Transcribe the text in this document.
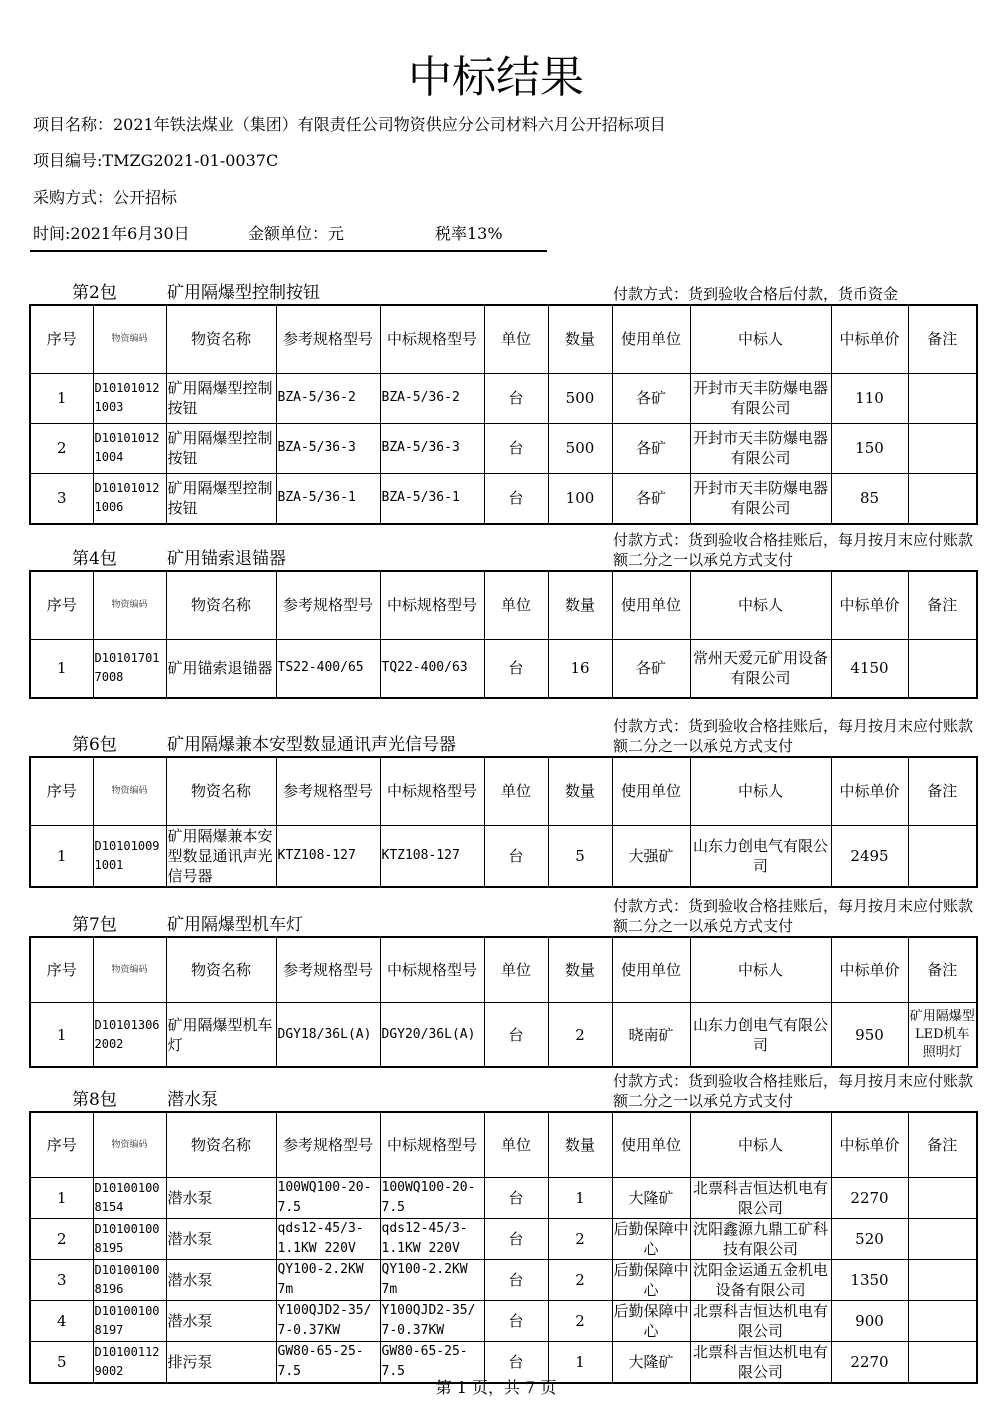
中标结果
项目名称：2021年铁法煤业（集团）有限责任公司物资供应分公司材料六月公开招标项目
项目编号:TMZG2021-01-0037C
采购方式：公开招标
时间:2021年6月30日	金额单位：元	税率13%
第2包	矿用隔爆型控制按钮	付款方式：货到验收合格后付款，货币资金
序号	物资编码	物资名称	参考规格型号	中标规格型号	单位	数量	使用单位	中标人	中标单价	备注
1	D101010121003	矿用隔爆型控制按钮	BZA-5/36-2	BZA-5/36-2	台	500	各矿	开封市天丰防爆电器有限公司	110	
2	D101010121004	矿用隔爆型控制按钮	BZA-5/36-3	BZA-5/36-3	台	500	各矿	开封市天丰防爆电器有限公司	150	
3	D101010121006	矿用隔爆型控制按钮	BZA-5/36-1	BZA-5/36-1	台	100	各矿	开封市天丰防爆电器有限公司	85	
第4包	矿用锚索退锚器
付款方式：货到验收合格挂账后，每月按月末应付账款额二分之一以承兑方式支付
序号	物资编码	物资名称	参考规格型号	中标规格型号	单位	数量	使用单位	中标人	中标单价	备注
1	D101017017008	矿用锚索退锚器	TS22-400/65	TQ22-400/63	台	16	各矿	常州天爱元矿用设备有限公司	4150	
第6包	矿用隔爆兼本安型数显通讯声光信号器
付款方式：货到验收合格挂账后，每月按月末应付账款额二分之一以承兑方式支付
序号	物资编码	物资名称	参考规格型号	中标规格型号	单位	数量	使用单位	中标人	中标单价	备注
1	D101010091001	矿用隔爆兼本安型数显通讯声光信号器	KTZ108-127	KTZ108-127	台	5	大强矿	山东力创电气有限公司	2495	
第7包	矿用隔爆型机车灯
付款方式：货到验收合格挂账后，每月按月末应付账款额二分之一以承兑方式支付
序号	物资编码	物资名称	参考规格型号	中标规格型号	单位	数量	使用单位	中标人	中标单价	备注
1	D101013062002	矿用隔爆型机车灯	DGY18/36L(A)	DGY20/36L(A)	台	2	晓南矿	山东力创电气有限公司	950	矿用隔爆型LED机车照明灯
第8包	潜水泵
付款方式：货到验收合格挂账后，每月按月末应付账款额二分之一以承兑方式支付
序号	物资编码	物资名称	参考规格型号	中标规格型号	单位	数量	使用单位	中标人	中标单价	备注
1	D101001008154	潜水泵	100WQ100-20-7.5	100WQ100-20-7.5	台	1	大隆矿	北票科吉恒达机电有限公司	2270	
2	D101001008195	潜水泵	qds12-45/3-1.1KW 220V	qds12-45/3-1.1KW 220V	台	2	后勤保障中心	沈阳鑫源九鼎工矿科技有限公司	520	
3	D101001008196	潜水泵	QY100-2.2KW 7m	QY100-2.2KW 7m	台	2	后勤保障中心	沈阳金运通五金机电设备有限公司	1350	
4	D101001008197	潜水泵	Y100QJD2-35/7-0.37KW	Y100QJD2-35/7-0.37KW	台	2	后勤保障中心	北票科吉恒达机电有限公司	900	
5	D101001129002	排污泵	GW80-65-25-7.5	GW80-65-25-7.5	台	1	大隆矿	北票科吉恒达机电有限公司	2270	
第 1 页，共 7 页
